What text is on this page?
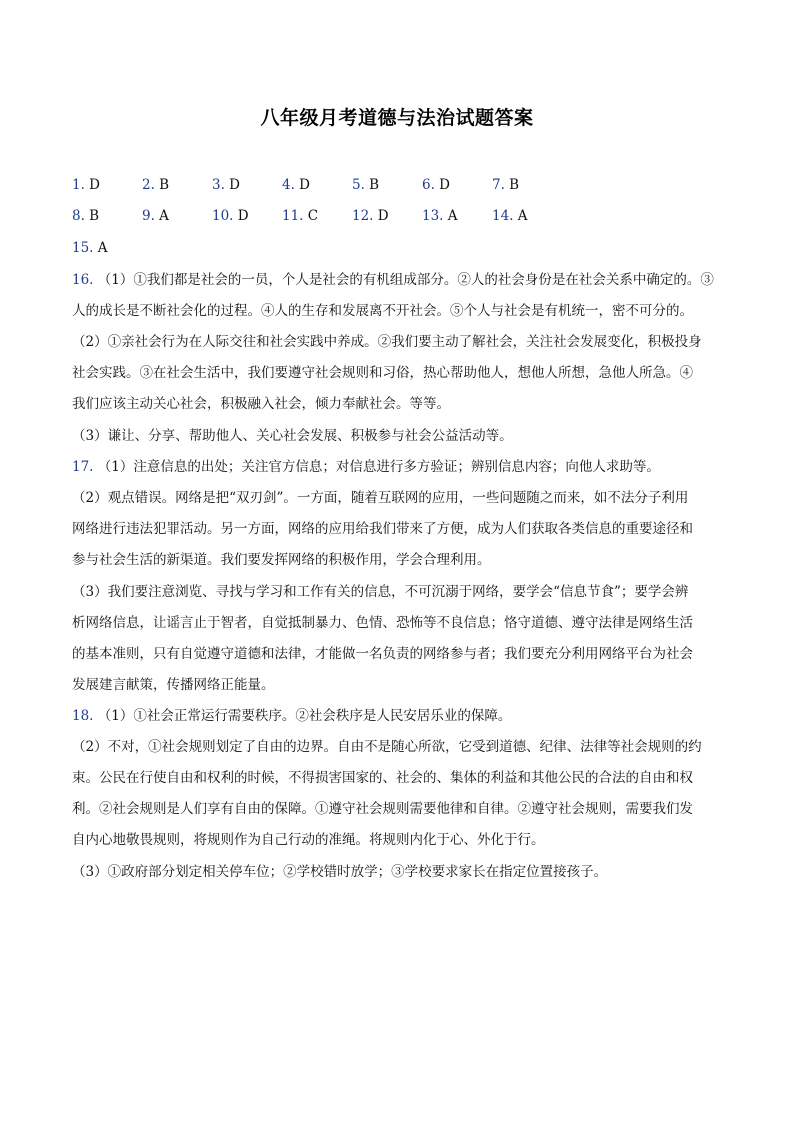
八年级月考道德与法治试题答案
1. D	2. B	3. D	4. D	5. B	6. D	7. B
8. B	9. A	10. D 11. C	12. D 13. A	14. A
15. A
16. （1）①我们都是社会的一员，个人是社会的有机组成部分。②人的社会身份是在社会关系中确定的。③
人的成长是不断社会化的过程。④人的生存和发展离不开社会。⑤个人与社会是有机统一，密不可分的。
（2）①亲社会行为在人际交往和社会实践中养成。②我们要主动了解社会，关注社会发展变化，积极投身
社会实践。③在社会生活中，我们要遵守社会规则和习俗，热心帮助他人，想他人所想，急他人所急。④
我们应该主动关心社会，积极融入社会，倾力奉献社会。等等。
（3）谦让、分享、帮助他人、关心社会发展、积极参与社会公益活动等。
17. （1）注意信息的出处；关注官方信息；对信息进行多方验证；辨别信息内容；向他人求助等。
（2）观点错误。网络是把“双刃剑”。一方面，随着互联网的应用，一些问题随之而来，如不法分子利用
网络进行违法犯罪活动。另一方面，网络的应用给我们带来了方便，成为人们获取各类信息的重要途径和
参与社会生活的新渠道。我们要发挥网络的积极作用，学会合理利用。
（3）我们要注意浏览、寻找与学习和工作有关的信息，不可沉溺于网络，要学会“信息节食”；要学会辨
析网络信息，让谣言止于智者，自觉抵制暴力、色情、恐怖等不良信息；恪守道德、遵守法律是网络生活
的基本准则，只有自觉遵守道德和法律，才能做一名负责的网络参与者；我们要充分利用网络平台为社会
发展建言献策，传播网络正能量。
18. （1）①社会正常运行需要秩序。②社会秩序是人民安居乐业的保障。
（2）不对，①社会规则划定了自由的边界。自由不是随心所欲，它受到道德、纪律、法律等社会规则的约
束。公民在行使自由和权利的时候，不得损害国家的、社会的、集体的利益和其他公民的合法的自由和权
利。②社会规则是人们享有自由的保障。①遵守社会规则需要他律和自律。②遵守社会规则，需要我们发
自内心地敬畏规则，将规则作为自己行动的准绳。将规则内化于心、外化于行。
（3）①政府部分划定相关停车位；②学校错时放学；③学校要求家长在指定位置接孩子。
